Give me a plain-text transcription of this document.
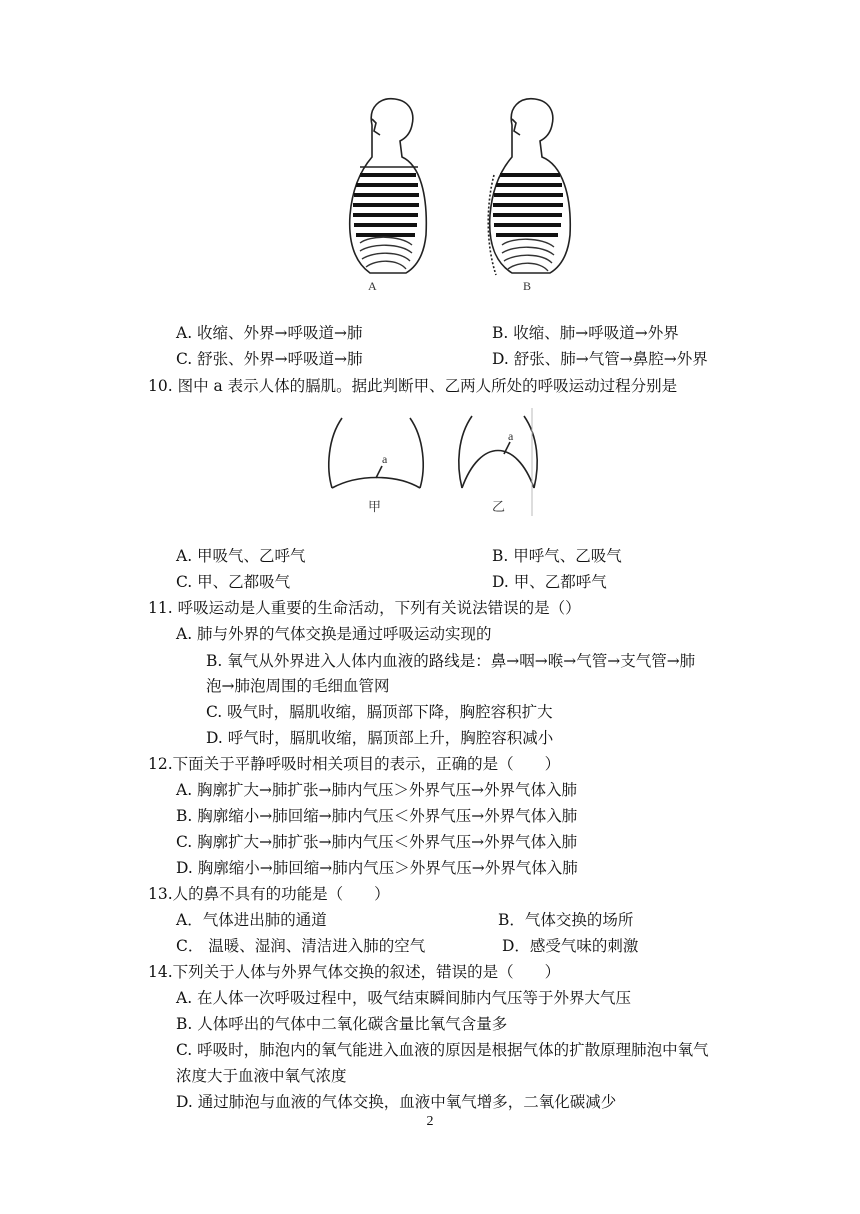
A	B
A. 收缩、外界→呼吸道→肺	B. 收缩、肺→呼吸道→外界
C. 舒张、外界→呼吸道→肺	D. 舒张、肺→气管→鼻腔→外界
10. 图中 a 表示人体的膈肌。据此判断甲、乙两人所处的呼吸运动过程分别是
a
甲
a
乙
A. 甲吸气、乙呼气	B. 甲呼气、乙吸气
C. 甲、乙都吸气	D. 甲、乙都呼气
11. 呼吸运动是人重要的生命活动，下列有关说法错误的是（）
A. 肺与外界的气体交换是通过呼吸运动实现的
B. 氧气从外界进入人体内血液的路线是：鼻→咽→喉→气管→支气管→肺
泡→肺泡周围的毛细血管网
C. 吸气时，膈肌收缩，膈顶部下降，胸腔容积扩大
D. 呼气时，膈肌收缩，膈顶部上升，胸腔容积减小
12.下面关于平静呼吸时相关项目的表示，正确的是（　　）
A. 胸廓扩大→肺扩张→肺内气压＞外界气压→外界气体入肺
B. 胸廓缩小→肺回缩→肺内气压＜外界气压→外界气体入肺
C. 胸廓扩大→肺扩张→肺内气压＜外界气压→外界气体入肺
D. 胸廓缩小→肺回缩→肺内气压＞外界气压→外界气体入肺
13.人的鼻不具有的功能是（　　）
A．气体进出肺的通道	B．气体交换的场所
C． 温暖、湿润、清洁进入肺的空气	D．感受气味的刺激
14.下列关于人体与外界气体交换的叙述，错误的是（　　）
A. 在人体一次呼吸过程中，吸气结束瞬间肺内气压等于外界大气压
B. 人体呼出的气体中二氧化碳含量比氧气含量多
C. 呼吸时，肺泡内的氧气能进入血液的原因是根据气体的扩散原理肺泡中氧气
浓度大于血液中氧气浓度
D. 通过肺泡与血液的气体交换，血液中氧气增多，二氧化碳减少
2
